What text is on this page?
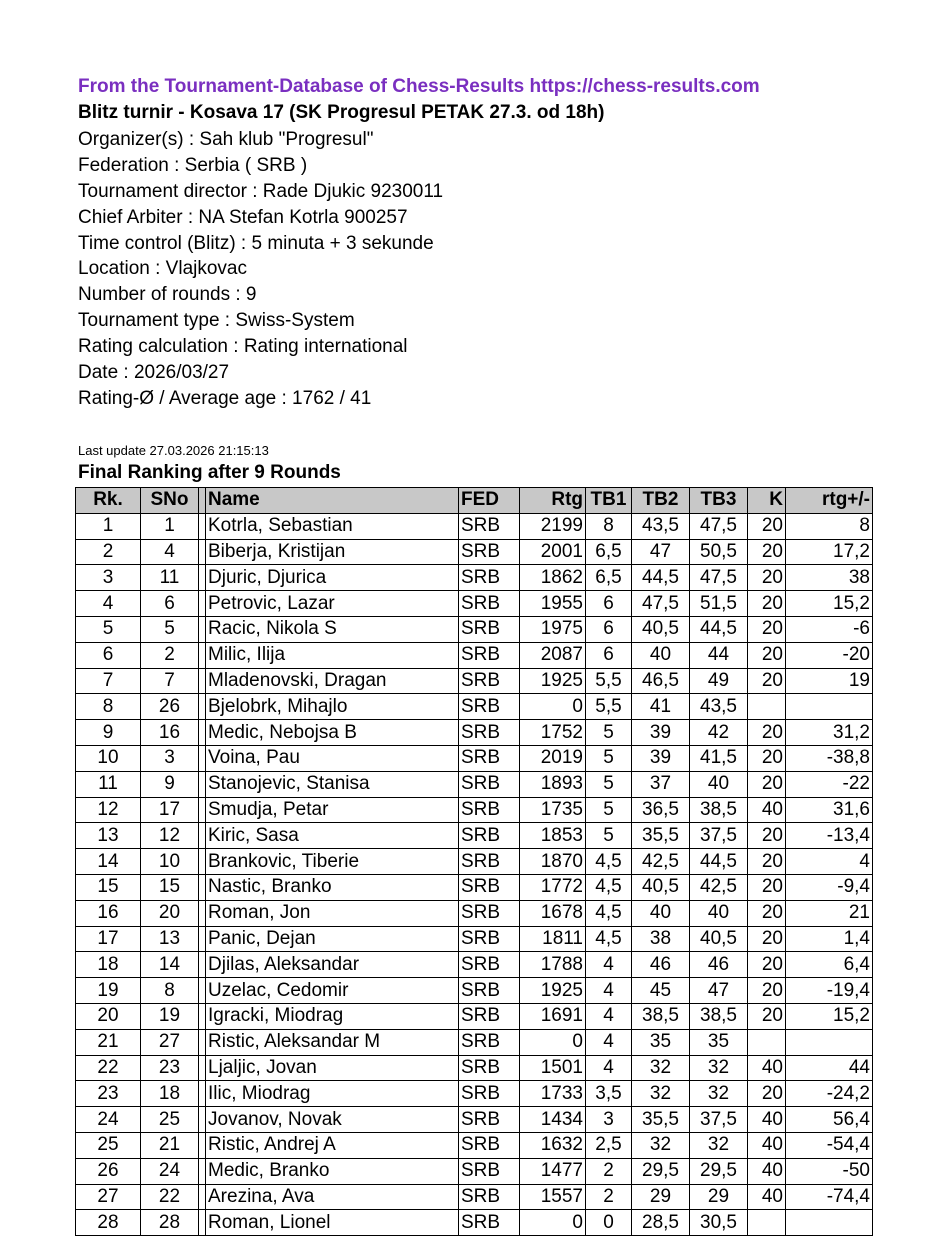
From the Tournament-Database of Chess-Results https://chess-results.com
Blitz turnir - Kosava 17 (SK Progresul PETAK 27.3. od 18h)
Organizer(s) : Sah klub "Progresul"
Federation : Serbia ( SRB )
Tournament director : Rade Djukic 9230011
Chief Arbiter : NA Stefan Kotrla 900257
Time control (Blitz) : 5 minuta + 3 sekunde
Location : Vlajkovac
Number of rounds : 9
Tournament type : Swiss-System
Rating calculation : Rating international
Date : 2026/03/27
Rating-Ø / Average age : 1762 / 41
Last update 27.03.2026 21:15:13
Final Ranking after 9 Rounds
Rk.	SNo		Name	FED	Rtg	TB1	TB2	TB3	K	rtg+/-
1	1		Kotrla, Sebastian	SRB	2199	8	43,5	47,5	20	8
2	4		Biberja, Kristijan	SRB	2001	6,5	47	50,5	20	17,2
3	11		Djuric, Djurica	SRB	1862	6,5	44,5	47,5	20	38
4	6		Petrovic, Lazar	SRB	1955	6	47,5	51,5	20	15,2
5	5		Racic, Nikola S	SRB	1975	6	40,5	44,5	20	-6
6	2		Milic, Ilija	SRB	2087	6	40	44	20	-20
7	7		Mladenovski, Dragan	SRB	1925	5,5	46,5	49	20	19
8	26		Bjelobrk, Mihajlo	SRB	0	5,5	41	43,5		
9	16		Medic, Nebojsa B	SRB	1752	5	39	42	20	31,2
10	3		Voina, Pau	SRB	2019	5	39	41,5	20	-38,8
11	9		Stanojevic, Stanisa	SRB	1893	5	37	40	20	-22
12	17		Smudja, Petar	SRB	1735	5	36,5	38,5	40	31,6
13	12		Kiric, Sasa	SRB	1853	5	35,5	37,5	20	-13,4
14	10		Brankovic, Tiberie	SRB	1870	4,5	42,5	44,5	20	4
15	15		Nastic, Branko	SRB	1772	4,5	40,5	42,5	20	-9,4
16	20		Roman, Jon	SRB	1678	4,5	40	40	20	21
17	13		Panic, Dejan	SRB	1811	4,5	38	40,5	20	1,4
18	14		Djilas, Aleksandar	SRB	1788	4	46	46	20	6,4
19	8		Uzelac, Cedomir	SRB	1925	4	45	47	20	-19,4
20	19		Igracki, Miodrag	SRB	1691	4	38,5	38,5	20	15,2
21	27		Ristic, Aleksandar M	SRB	0	4	35	35		
22	23		Ljaljic, Jovan	SRB	1501	4	32	32	40	44
23	18		Ilic, Miodrag	SRB	1733	3,5	32	32	20	-24,2
24	25		Jovanov, Novak	SRB	1434	3	35,5	37,5	40	56,4
25	21		Ristic, Andrej A	SRB	1632	2,5	32	32	40	-54,4
26	24		Medic, Branko	SRB	1477	2	29,5	29,5	40	-50
27	22		Arezina, Ava	SRB	1557	2	29	29	40	-74,4
28	28		Roman, Lionel	SRB	0	0	28,5	30,5		
